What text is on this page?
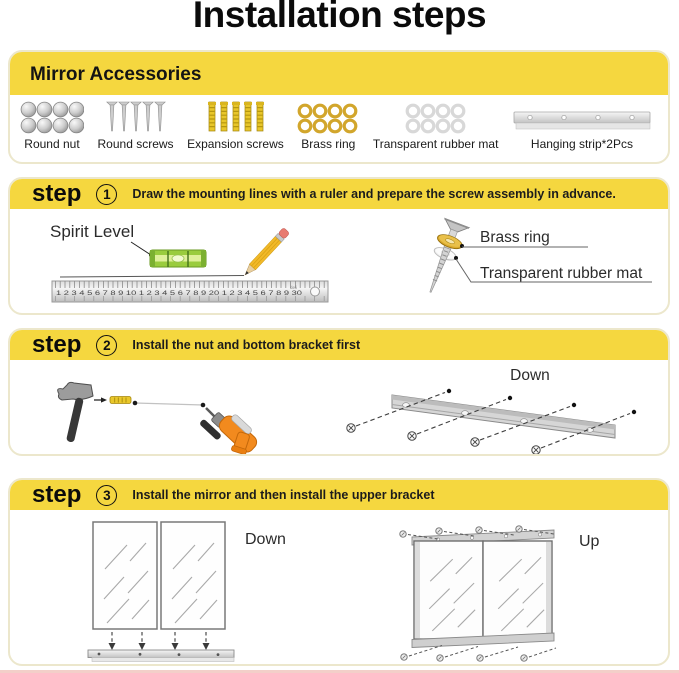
Installation steps
Mirror Accessories
Round nut Round screws Expansion screws Brass ring Transparent rubber mat	Hanging strip*2Pcs
step	1	Draw the mounting lines with a ruler and prepare the screw assembly in advance.
Spirit Level
1 2 3 4 5 6 7 8 9 10 1 2 3 4 5 6 7 8 9 20 1 2 3 4 5 6 7 8 9 30
deli
Brass ring
Transparent rubber mat
step	2	Install the nut and bottom bracket first
Down
step	3	Install the mirror and then install the upper bracket
Down	Up
